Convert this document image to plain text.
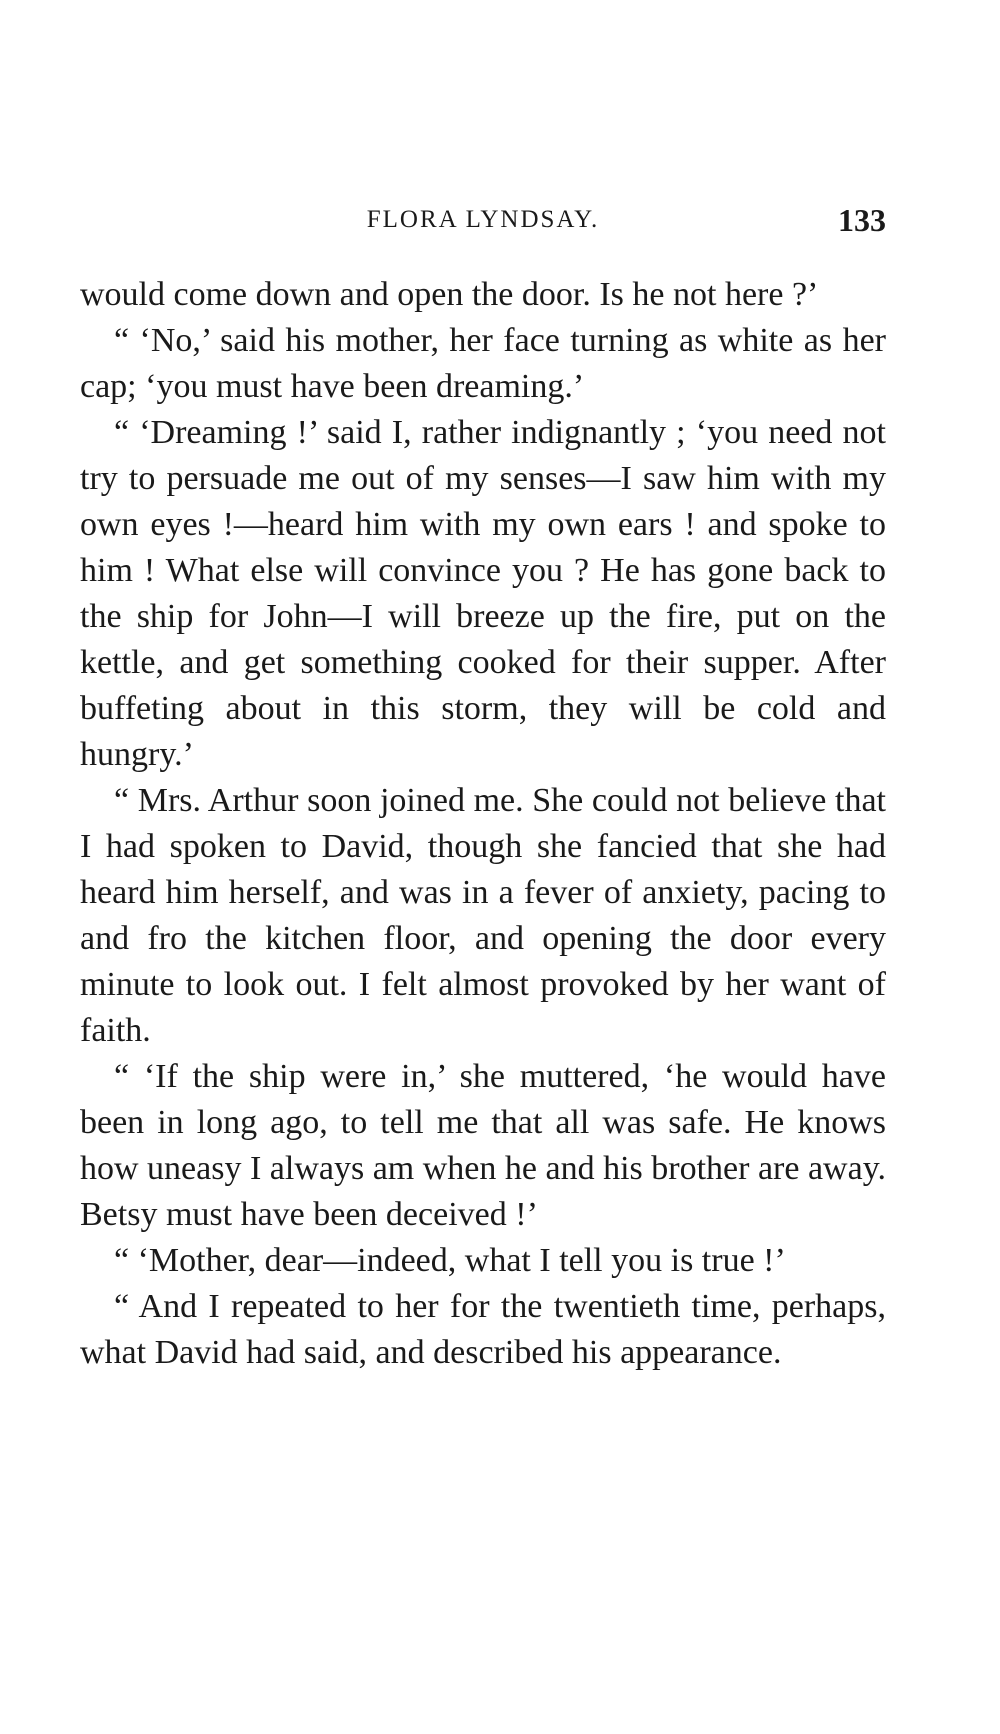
FLORA LYNDSAY.	133

would come down and open the door. Is he not here ?’

“ ‘No,’ said his mother, her face turning as white as her cap; ‘you must have been dreaming.’

“ ‘Dreaming !’ said I, rather indignantly ; ‘you need not try to persuade me out of my senses—I saw him with my own eyes !—heard him with my own ears ! and spoke to him ! What else will convince you ? He has gone back to the ship for John—I will breeze up the fire, put on the kettle, and get something cooked for their supper. After buffeting about in this storm, they will be cold and hungry.’

“ Mrs. Arthur soon joined me. She could not believe that I had spoken to David, though she fancied that she had heard him herself, and was in a fever of anxiety, pacing to and fro the kitchen floor, and opening the door every minute to look out. I felt almost provoked by her want of faith.

“ ‘If the ship were in,’ she muttered, ‘he would have been in long ago, to tell me that all was safe. He knows how uneasy I always am when he and his brother are away. Betsy must have been deceived !’

“ ‘Mother, dear—indeed, what I tell you is true !’

“ And I repeated to her for the twentieth time, perhaps, what David had said, and described his appearance.
